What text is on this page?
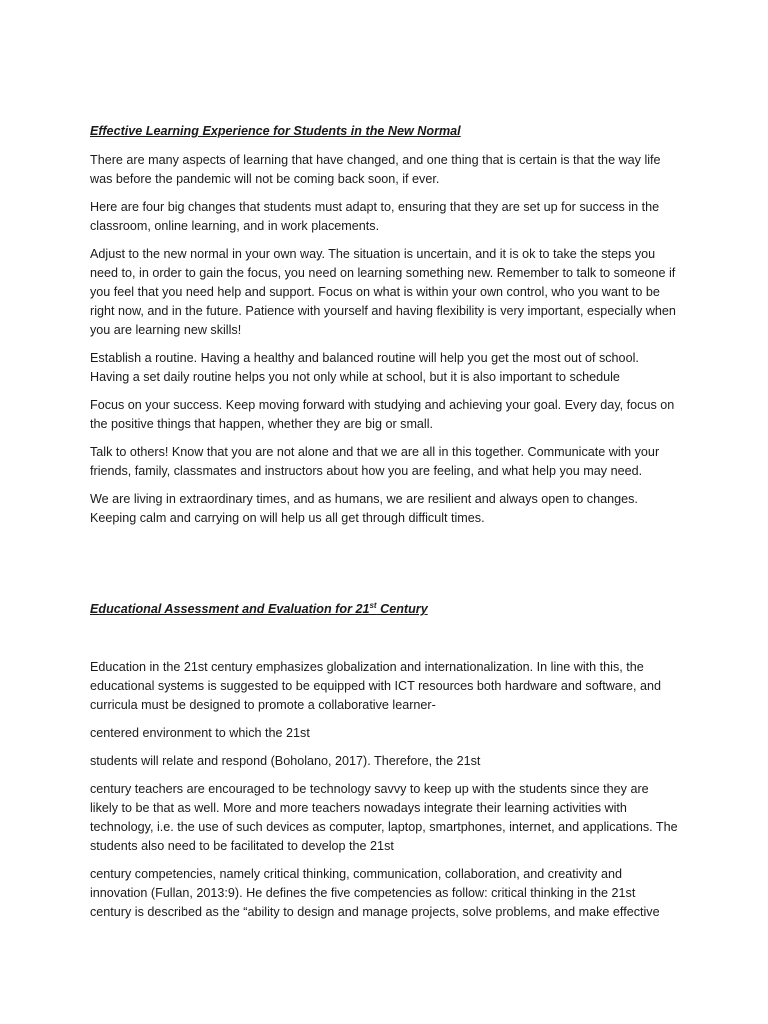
Effective Learning Experience for Students in the New Normal

There are many aspects of learning that have changed, and one thing that is certain is that the way life was before the pandemic will not be coming back soon, if ever.

Here are four big changes that students must adapt to, ensuring that they are set up for success in the classroom, online learning, and in work placements.

Adjust to the new normal in your own way. The situation is uncertain, and it is ok to take the steps you need to, in order to gain the focus, you need on learning something new. Remember to talk to someone if you feel that you need help and support. Focus on what is within your own control, who you want to be right now, and in the future. Patience with yourself and having flexibility is very important, especially when you are learning new skills!

Establish a routine. Having a healthy and balanced routine will help you get the most out of school. Having a set daily routine helps you not only while at school, but it is also important to schedule

Focus on your success. Keep moving forward with studying and achieving your goal. Every day, focus on the positive things that happen, whether they are big or small.

Talk to others! Know that you are not alone and that we are all in this together. Communicate with your friends, family, classmates and instructors about how you are feeling, and what help you may need.

We are living in extraordinary times, and as humans, we are resilient and always open to changes. Keeping calm and carrying on will help us all get through difficult times.

Educational Assessment and Evaluation for 21st Century

Education in the 21st century emphasizes globalization and internationalization. In line with this, the educational systems is suggested to be equipped with ICT resources both hardware and software, and curricula must be designed to promote a collaborative learner-

centered environment to which the 21st

students will relate and respond (Boholano, 2017). Therefore, the 21st

century teachers are encouraged to be technology savvy to keep up with the students since they are likely to be that as well. More and more teachers nowadays integrate their learning activities with technology, i.e. the use of such devices as computer, laptop, smartphones, internet, and applications. The students also need to be facilitated to develop the 21st

century competencies, namely critical thinking, communication, collaboration, and creativity and innovation (Fullan, 2013:9). He defines the five competencies as follow: critical thinking in the 21st century is described as the “ability to design and manage projects, solve problems, and make effective
